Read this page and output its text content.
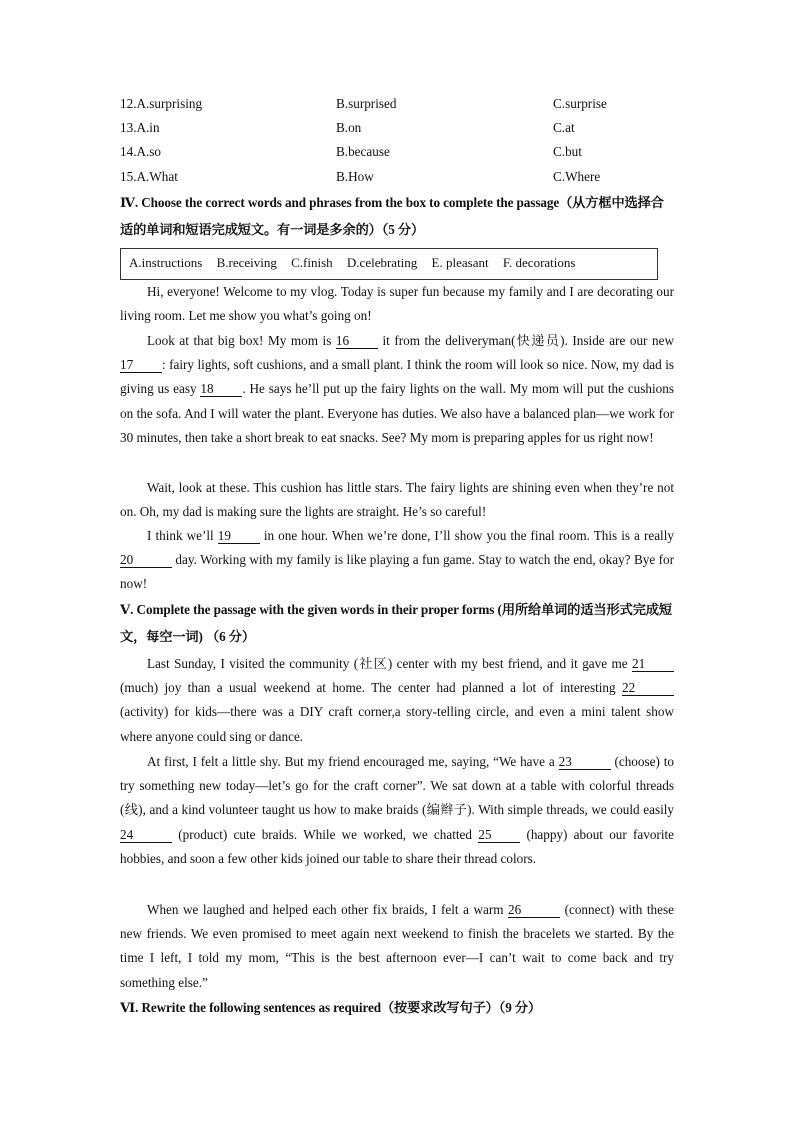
12.A.surprising	B.surprised	C.surprise
13.A.in	B.on	C.at
14.A.so	B.because	C.but
15.A.What	B.How	C.Where
Ⅳ. Choose the correct words and phrases from the box to complete the passage（从方框中选择合适的单词和短语完成短文。有一词是多余的）（5 分）
A.instructions B.receiving C.finish D.celebrating E. pleasant F. decorations
Hi, everyone! Welcome to my vlog. Today is super fun because my family and I are decorating our living room. Let me show you what’s going on!
Look at that big box! My mom is 16 it from the deliveryman(快递员). Inside are our new 17 : fairy lights, soft cushions, and a small plant. I think the room will look so nice. Now, my dad is giving us easy 18 . He says he’ll put up the fairy lights on the wall. My mom will put the cushions on the sofa. And I will water the plant. Everyone has duties. We also have a balanced plan—we work for 30 minutes, then take a short break to eat snacks. See? My mom is preparing apples for us right now!
Wait, look at these. This cushion has little stars. The fairy lights are shining even when they’re not on. Oh, my dad is making sure the lights are straight. He’s so careful!
I think we’ll 19 in one hour. When we’re done, I’ll show you the final room. This is a really 20	day. Working with my family is like playing a fun game. Stay to watch the end, okay? Bye for now!
Ⅴ. Complete the passage with the given words in their proper forms (用所给单词的适当形式完成短文，每空一词) （6 分）
Last Sunday, I visited the community (社区) center with my best friend, and it gave me 21 (much) joy than a usual weekend at home. The center had planned a lot of interesting 22 (activity) for kids—there was a DIY craft corner,a story-telling circle, and even a mini talent show where anyone could sing or dance.
At first, I felt a little shy. But my friend encouraged me, saying, “We have a 23	(choose) to try something new today—let’s go for the craft corner”. We sat down at a table with colorful threads (线), and a kind volunteer taught us how to make braids (编辫子). With simple threads, we could easily 24	(product) cute braids. While we worked, we chatted 25 (happy) about our favorite hobbies, and soon a few other kids joined our table to share their thread colors.
When we laughed and helped each other fix braids, I felt a warm 26	(connect) with these new friends. We even promised to meet again next weekend to finish the bracelets we started. By the time I left, I told my mom, “This is the best afternoon ever—I can’t wait to come back and try something else.”
Ⅵ. Rewrite the following sentences as required（按要求改写句子）（9 分）
